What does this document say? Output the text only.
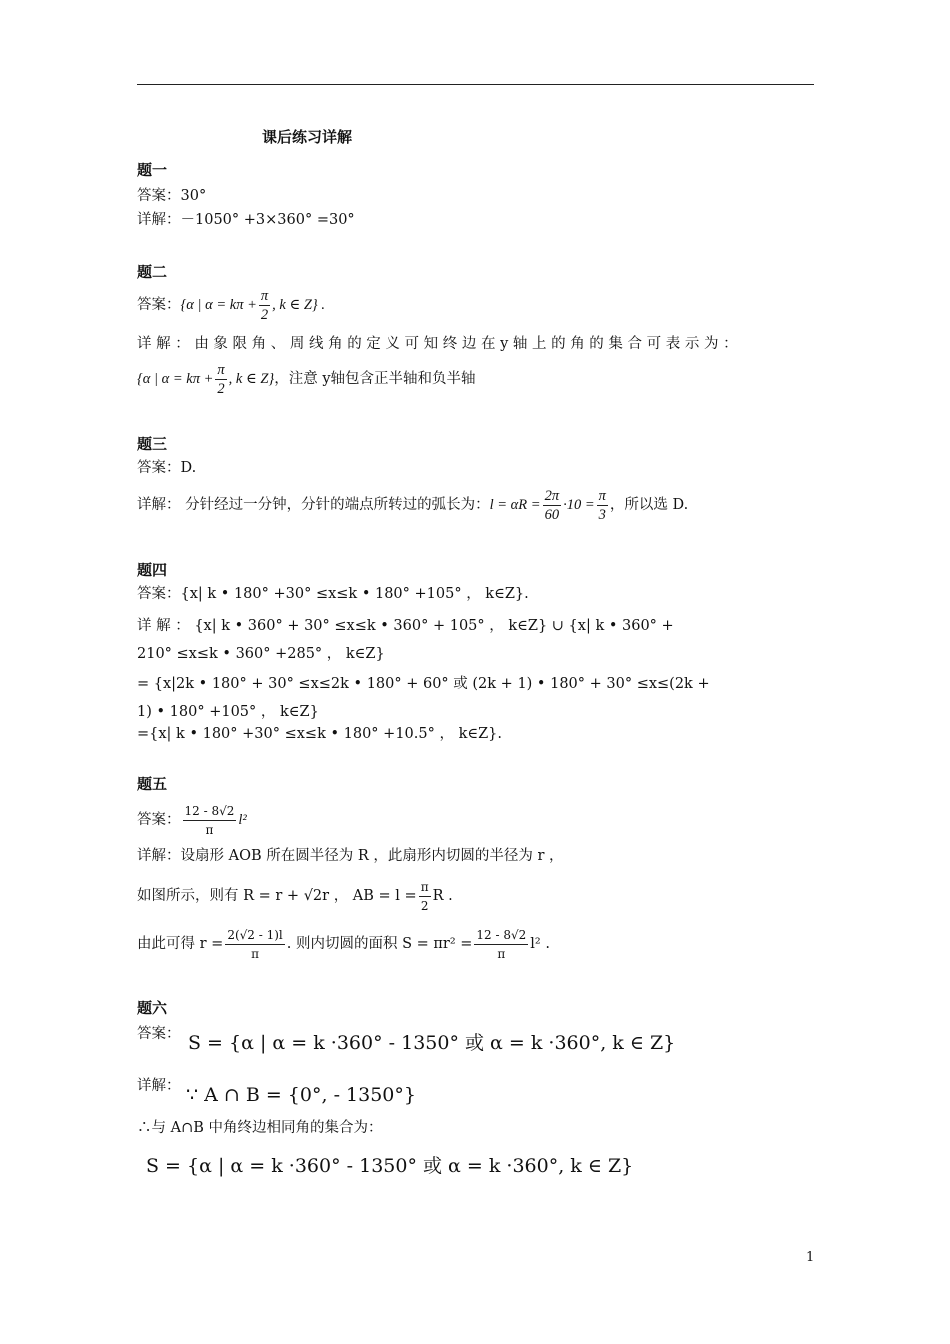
课后练习详解
题一
答案：30°
详解：－1050° +3×360° =30°
题二
答案：{α | $\alpha = k\pi + \frac{\pi}{2}$ , k ∈ Z} .
详 解 ： 由 象 限 角 、 周 线 角 的 定 义 可 知 终 边 在 y 轴 上 的 角 的 集 合 可 表 示 为 ：
{α | $\alpha = k\pi + \frac{\pi}{2}$ , k ∈ Z}，注意 y轴包含正半轴和负半轴
题三
答案：D.
详解： 分针经过一分钟，分针的端点所转过的弧长为：$l = \alpha R = \frac{2\pi}{60} \cdot 10 = \frac{\pi}{3}$ ，所以选 D.
题四
答案：{x| k • 180° +30° ≤x≤k • 180° +105° ， k∈Z}.
详 解 ： {x| k • 360° + 30° ≤x≤k • 360° + 105° ， k∈Z} ∪ {x| k • 360° +
210° ≤x≤k • 360° +285° ， k∈Z}
= {x|2k • 180° + 30° ≤x≤2k • 180° + 60° 或 (2k + 1) • 180° + 30° ≤x≤(2k +
1) • 180° +105° ， k∈Z}
={x| k • 180° +30° ≤x≤k • 180° +10.5° ， k∈Z}.
题五
答案： $\frac{12 - 8√2}{\pi} l^2$
详解：设扇形 AOB 所在圆半径为 R ，此扇形内切圆的半径为 r ，
如图所示，则有 R = r + √2r ， AB = $l = \frac{\pi}{2}$ R .
由此可得 $r = \frac{2(√2 - 1)l}{\pi}$ . 则内切圆的面积 $S = \pi r^2 = \frac{12 - 8√2}{\pi} l^2$ .
题六
答案： S = {α | α = k ·360° - 1350° 或 α = k ·360°, k ∈ Z}
详解： ∵ A ∩ B = {0°, - 1350°}
∴与 A∩B 中角终边相同角的集合为：
S = {α | α = k ·360° - 1350° 或 α = k ·360°, k ∈ Z}
1
